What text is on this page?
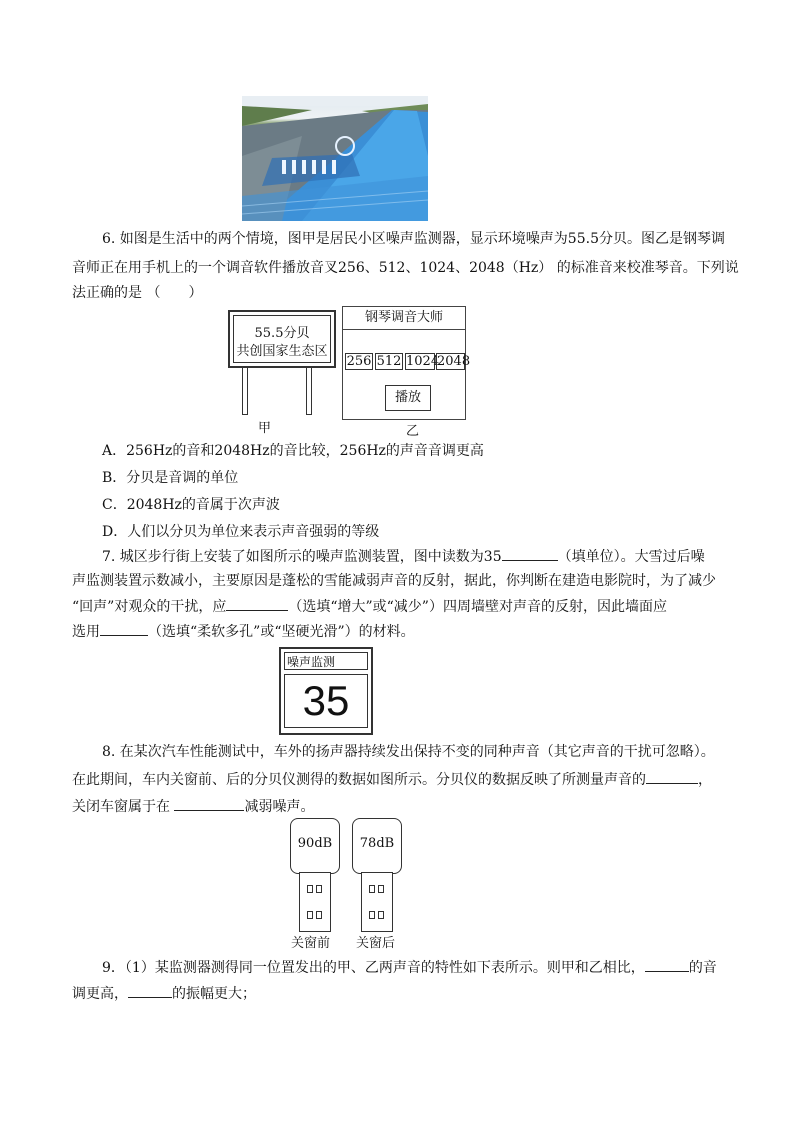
6. 如图是生活中的两个情境，图甲是居民小区噪声监测器，显示环境噪声为55.5分贝。图乙是钢琴调
音师正在用手机上的一个调音软件播放音叉256、512、1024、2048（Hz） 的标准音来校准琴音。下列说
法正确的是 （　　）
55.5分贝
共创国家生态区
甲
钢琴调音大师
256 512 1024
2048
播放
乙
A．256Hz的音和2048Hz的音比较，256Hz的声音音调更高
B．分贝是音调的单位
C．2048Hz的音属于次声波
D．人们以分贝为单位来表示声音强弱的等级
7. 城区步行街上安装了如图所示的噪声监测装置，图中读数为35	（填单位）。大雪过后噪
声监测装置示数减小，主要原因是蓬松的雪能减弱声音的反射，据此，你判断在建造电影院时，为了减少
“回声”对观众的干扰，应	（选填“增大”或“减少”）四周墙壁对声音的反射，因此墙面应
选用	（选填“柔软多孔”或“坚硬光滑”）的材料。
噪声监测
35
8. 在某次汽车性能测试中，车外的扬声器持续发出保持不变的同种声音（其它声音的干扰可忽略）。
在此期间，车内关窗前、后的分贝仪测得的数据如图所示。分贝仪的数据反映了所测量声音的	，
关闭车窗属于在	减弱噪声。
90dB
关窗前
78dB
关窗后
9．（1）某监测器测得同一位置发出的甲、乙两声音的特性如下表所示。则甲和乙相比，	的音
调更高，	的振幅更大；
